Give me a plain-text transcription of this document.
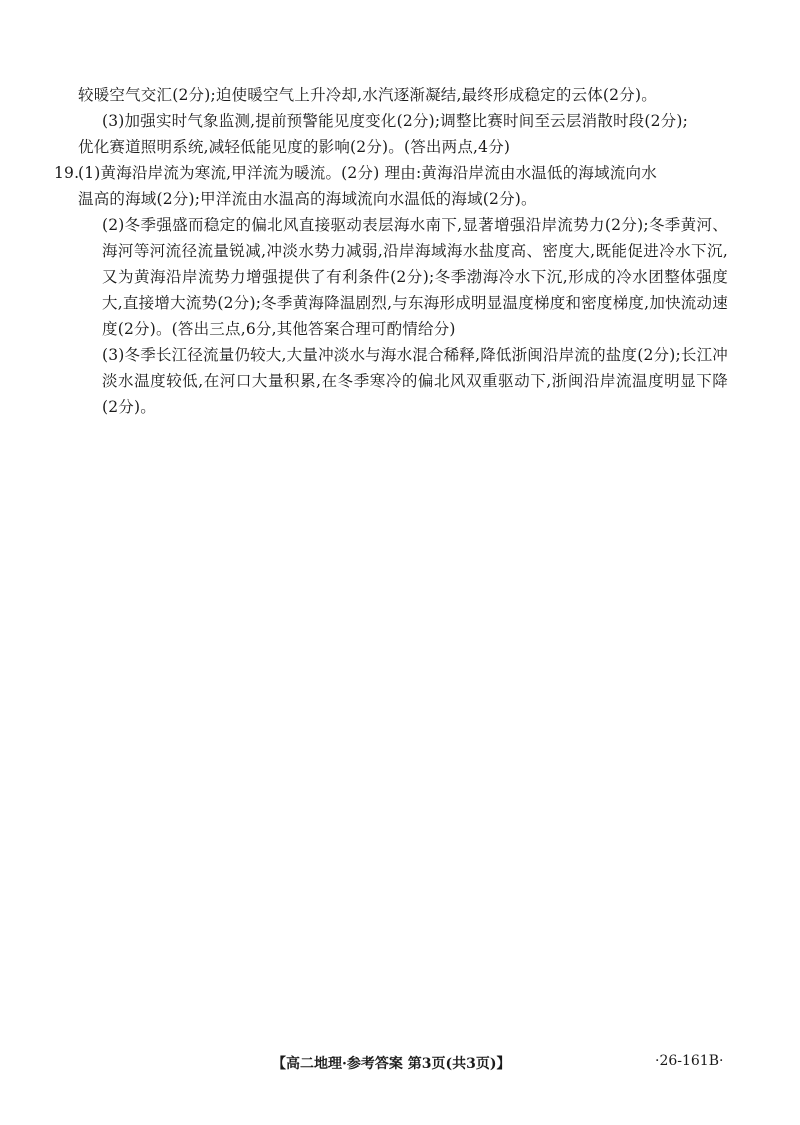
较暖空气交汇(2分);迫使暖空气上升冷却,水汽逐渐凝结,最终形成稳定的云体(2分)。

(3)加强实时气象监测,提前预警能见度变化(2分);调整比赛时间至云层消散时段(2分);

优化赛道照明系统,减轻低能见度的影响(2分)。(答出两点,4分)

19.

(1)黄海沿岸流为寒流,甲洋流为暖流。(2分) 理由:黄海沿岸流由水温低的海域流向水

温高的海域(2分);甲洋流由水温高的海域流向水温低的海域(2分)。

(2)冬季强盛而稳定的偏北风直接驱动表层海水南下,显著增强沿岸流势力(2分);冬季黄河、海河等河流径流量锐减,冲淡水势力减弱,沿岸海域海水盐度高、密度大,既能促进冷水下沉,又为黄海沿岸流势力增强提供了有利条件(2分);冬季渤海冷水下沉,形成的冷水团整体强度大,直接增大流势(2分);冬季黄海降温剧烈,与东海形成明显温度梯度和密度梯度,加快流动速度(2分)。(答出三点,6分,其他答案合理可酌情给分)

(3)冬季长江径流量仍较大,大量冲淡水与海水混合稀释,降低浙闽沿岸流的盐度(2分);长江冲淡水温度较低,在河口大量积累,在冬季寒冷的偏北风双重驱动下,浙闽沿岸流温度明显下降(2分)。

【高二地理·参考答案 第3页(共3页)】	·26-161B·
